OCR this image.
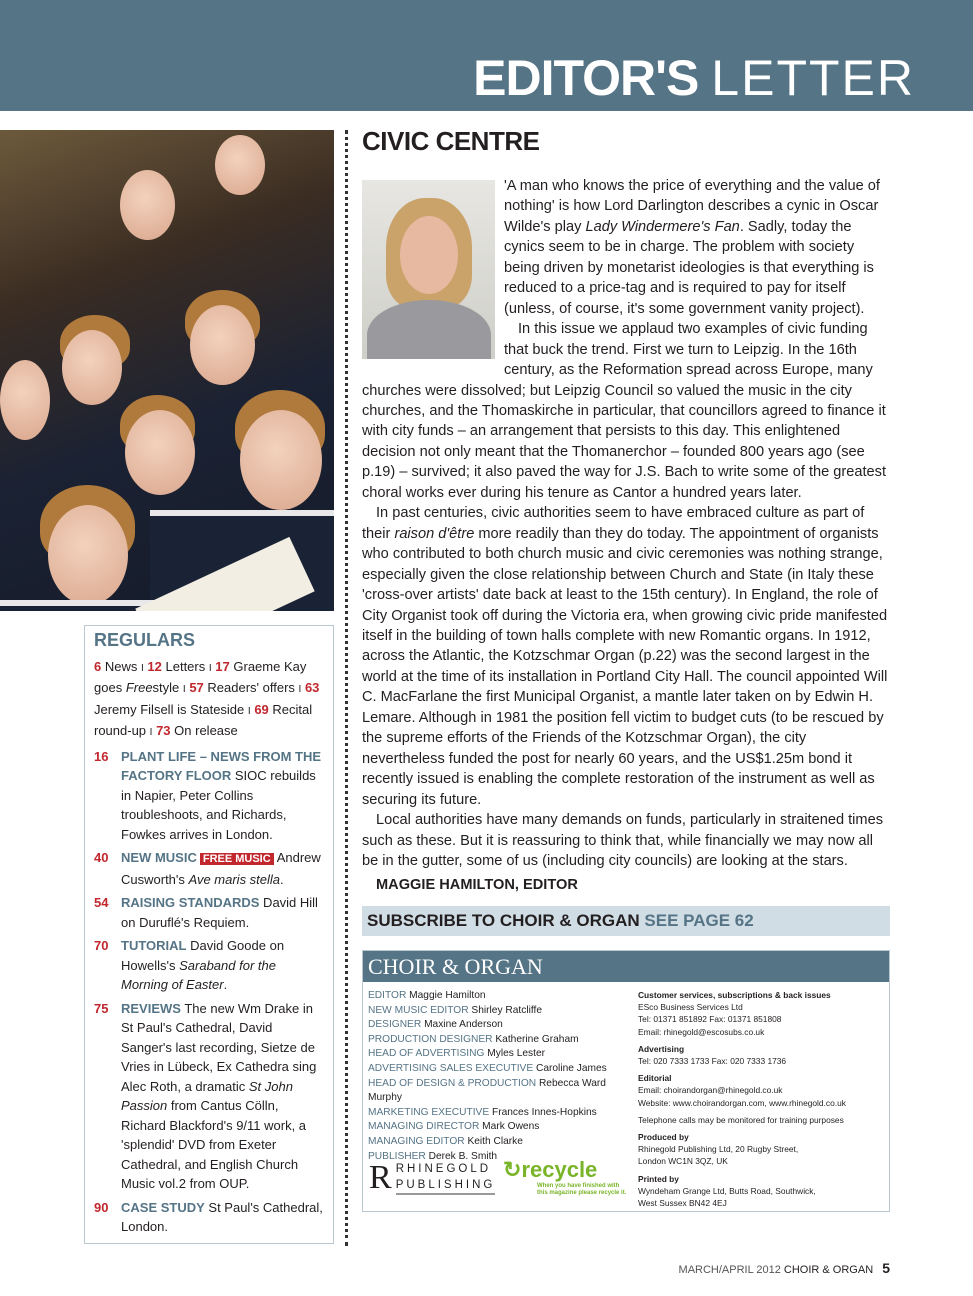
EDITOR'S LETTER
REGULARS
6 News I 12 Letters I 17 Graeme Kay goes Freestyle I 57 Readers' offers I 63 Jeremy Filsell is Stateside I 69 Recital round-up I 73 On release
16 PLANT LIFE – NEWS FROM THE FACTORY FLOOR SIOC rebuilds in Napier, Peter Collins troubleshoots, and Richards, Fowkes arrives in London.
40 NEW MUSIC FREE MUSIC Andrew Cusworth's Ave maris stella.
54 RAISING STANDARDS David Hill on Duruflé's Requiem.
70 TUTORIAL David Goode on Howells's Saraband for the Morning of Easter.
75 REVIEWS The new Wm Drake in St Paul's Cathedral, David Sanger's last recording, Sietze de Vries in Lübeck, Ex Cathedra sing Alec Roth, a dramatic St John Passion from Cantus Cölln, Richard Blackford's 9/11 work, a 'splendid' DVD from Exeter Cathedral, and English Church Music vol.2 from OUP.
90 CASE STUDY St Paul's Cathedral, London.
CIVIC CENTRE

'A man who knows the price of everything and the value of nothing' is how Lord Darlington describes a cynic in Oscar Wilde's play Lady Windermere's Fan. Sadly, today the cynics seem to be in charge. The problem with society being driven by monetarist ideologies is that everything is reduced to a price-tag and is required to pay for itself (unless, of course, it's some government vanity project).

In this issue we applaud two examples of civic funding that buck the trend. First we turn to Leipzig. In the 16th century, as the Reformation spread across Europe, many churches were dissolved; but Leipzig Council so valued the music in the city churches, and the Thomaskirche in particular, that councillors agreed to finance it with city funds – an arrangement that persists to this day. This enlightened decision not only meant that the Thomanerchor – founded 800 years ago (see p.19) – survived; it also paved the way for J.S. Bach to write some of the greatest choral works ever during his tenure as Cantor a hundred years later.

In past centuries, civic authorities seem to have embraced culture as part of their raison d'être more readily than they do today. The appointment of organists who contributed to both church music and civic ceremonies was nothing strange, especially given the close relationship between Church and State (in Italy these 'cross-over artists' date back at least to the 15th century). In England, the role of City Organist took off during the Victoria era, when growing civic pride manifested itself in the building of town halls complete with new Romantic organs. In 1912, across the Atlantic, the Kotzschmar Organ (p.22) was the second largest in the world at the time of its installation in Portland City Hall. The council appointed Will C. MacFarlane the first Municipal Organist, a mantle later taken on by Edwin H. Lemare. Although in 1981 the position fell victim to budget cuts (to be rescued by the supreme efforts of the Friends of the Kotzschmar Organ), the city nevertheless funded the post for nearly 60 years, and the US$1.25m bond it recently issued is enabling the complete restoration of the instrument as well as securing its future.

Local authorities have many demands on funds, particularly in straitened times such as these. But it is reassuring to think that, while financially we may now all be in the gutter, some of us (including city councils) are looking at the stars.

MAGGIE HAMILTON, EDITOR

SUBSCRIBE TO CHOIR & ORGAN SEE PAGE 62
CHOIR & ORGAN
EDITOR Maggie Hamilton
NEW MUSIC EDITOR Shirley Ratcliffe
DESIGNER Maxine Anderson
PRODUCTION DESIGNER Katherine Graham
HEAD OF ADVERTISING Myles Lester
ADVERTISING SALES EXECUTIVE Caroline James
HEAD OF DESIGN & PRODUCTION Rebecca Ward Murphy
MARKETING EXECUTIVE Frances Innes-Hopkins
MANAGING DIRECTOR Mark Owens
MANAGING EDITOR Keith Clarke
PUBLISHER Derek B. Smith
Customer services, subscriptions & back issues
ESco Business Services Ltd
Tel: 01371 851892 Fax: 01371 851808
Email: rhinegold@escosubs.co.uk
Advertising
Tel: 020 7333 1733 Fax: 020 7333 1736
Editorial
Email: choirandorgan@rhinegold.co.uk
Website: www.choirandorgan.com, www.rhinegold.co.uk
Telephone calls may be monitored for training purposes
Produced by
Rhinegold Publishing Ltd, 20 Rugby Street,
London WC1N 3QZ, UK
Printed by
Wyndeham Grange Ltd, Butts Road, Southwick,
West Sussex BN42 4EJ
R RHINEGOLD
PUBLISHING
↻recycle
When you have finished with
this magazine please recycle it.
MARCH/APRIL 2012 CHOIR & ORGAN 5
